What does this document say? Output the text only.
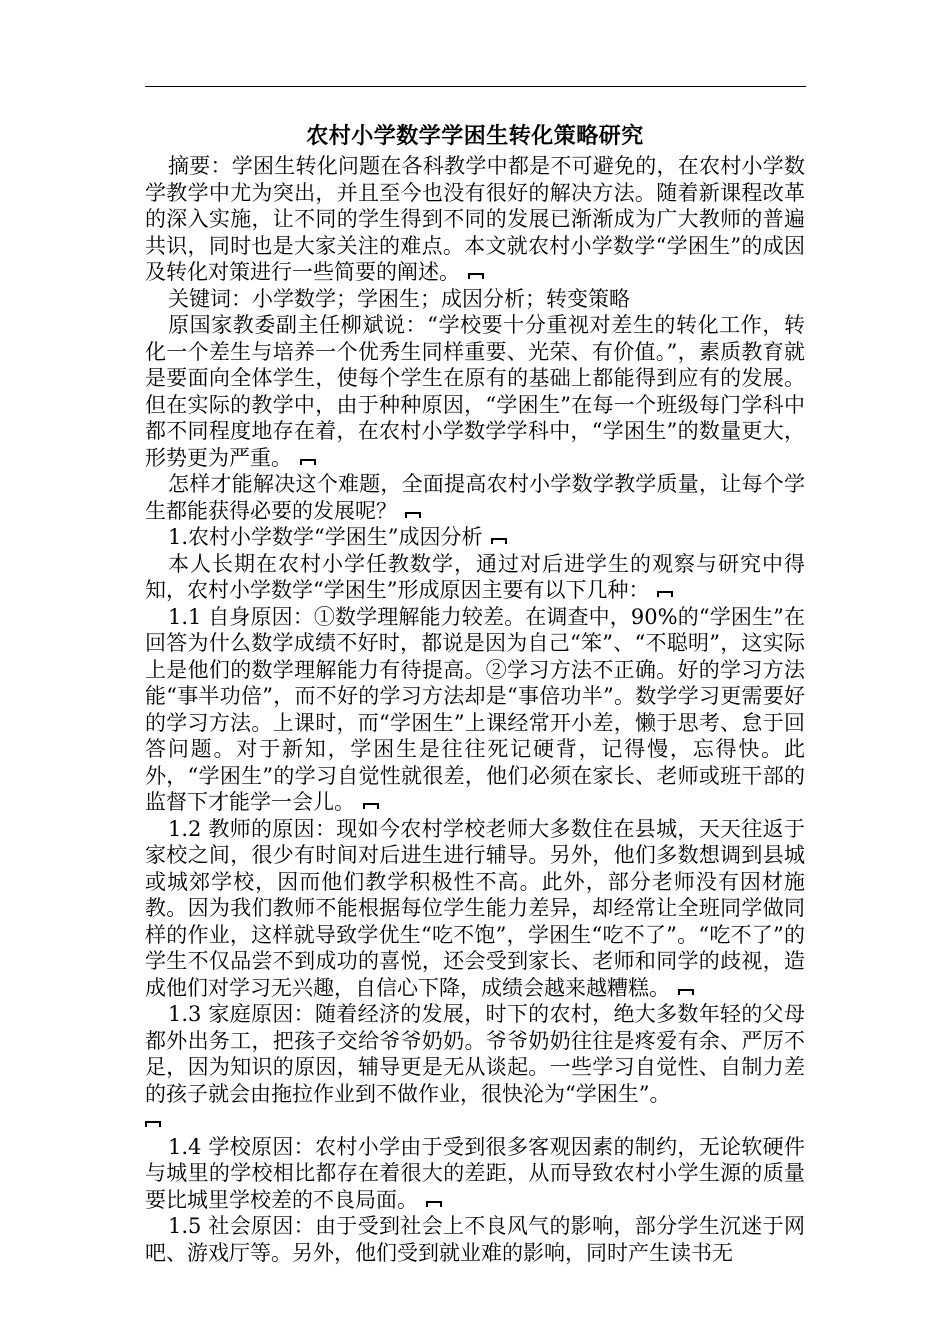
农村小学数学学困生转化策略研究

摘要：学困生转化问题在各科教学中都是不可避免的，在农村小学数学教学中尤为突出，并且至今也没有很好的解决方法。随着新课程改革的深入实施，让不同的学生得到不同的发展已渐渐成为广大教师的普遍共识，同时也是大家关注的难点。本文就农村小学数学“学困生”的成因及转化对策进行一些简要的阐述。

关键词：小学数学；学困生；成因分析；转变策略

原国家教委副主任柳斌说：“学校要十分重视对差生的转化工作，转化一个差生与培养一个优秀生同样重要、光荣、有价值。”，素质教育就是要面向全体学生，使每个学生在原有的基础上都能得到应有的发展。但在实际的教学中，由于种种原因，“学困生”在每一个班级每门学科中都不同程度地存在着，在农村小学数学学科中，“学困生”的数量更大，形势更为严重。

怎样才能解决这个难题，全面提高农村小学数学教学质量，让每个学生都能获得必要的发展呢？

1.农村小学数学“学困生”成因分析

本人长期在农村小学任教数学，通过对后进学生的观察与研究中得知，农村小学数学“学困生”形成原因主要有以下几种：

1.1 自身原因：①数学理解能力较差。在调查中，90%的“学困生”在回答为什么数学成绩不好时，都说是因为自己“笨”、“不聪明”，这实际上是他们的数学理解能力有待提高。②学习方法不正确。好的学习方法能“事半功倍”，而不好的学习方法却是“事倍功半”。数学学习更需要好的学习方法。上课时，而“学困生”上课经常开小差，懒于思考、怠于回答问题。对于新知，学困生是往往死记硬背，记得慢，忘得快。此外，“学困生”的学习自觉性就很差，他们必须在家长、老师或班干部的监督下才能学一会儿。

1.2 教师的原因：现如今农村学校老师大多数住在县城，天天往返于家校之间，很少有时间对后进生进行辅导。另外，他们多数想调到县城或城郊学校，因而他们教学积极性不高。此外，部分老师没有因材施教。因为我们教师不能根据每位学生能力差异，却经常让全班同学做同样的作业，这样就导致学优生“吃不饱”，学困生“吃不了”。“吃不了”的学生不仅品尝不到成功的喜悦，还会受到家长、老师和同学的歧视，造成他们对学习无兴趣，自信心下降，成绩会越来越糟糕。

1.3 家庭原因：随着经济的发展，时下的农村，绝大多数年轻的父母都外出务工，把孩子交给爷爷奶奶。爷爷奶奶往往是疼爱有余、严厉不足，因为知识的原因，辅导更是无从谈起。一些学习自觉性、自制力差的孩子就会由拖拉作业到不做作业，很快沦为“学困生”。

1.4 学校原因：农村小学由于受到很多客观因素的制约，无论软硬件与城里的学校相比都存在着很大的差距，从而导致农村小学生源的质量要比城里学校差的不良局面。

1.5 社会原因：由于受到社会上不良风气的影响，部分学生沉迷于网吧、游戏厅等。另外，他们受到就业难的影响，同时产生读书无
